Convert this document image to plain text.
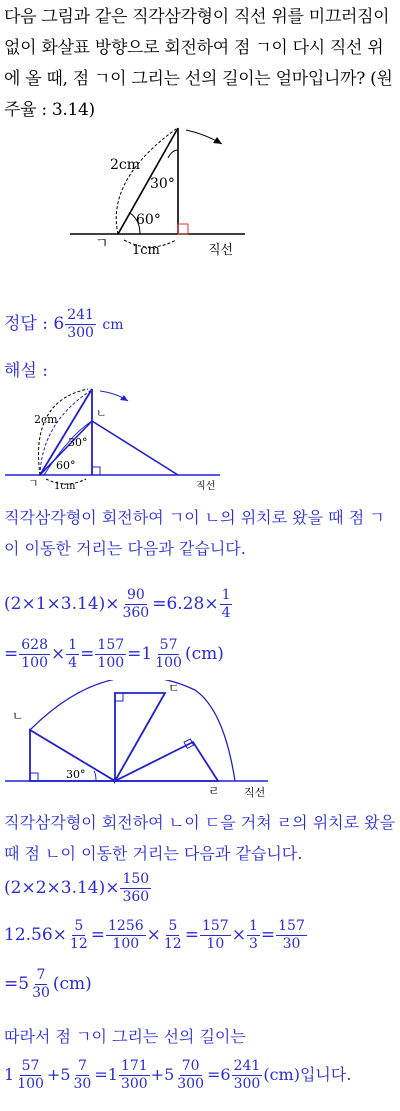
다음 그림과 같은 직각삼각형이 직선 위를 미끄러짐이 없이 화살표 방향으로 회전하여 점 ㄱ이 다시 직선 위에 올 때, 점 ㄱ이 그리는 선의 길이는 얼마입니까? (원주율 : 3.14)
2cm
30°
60°
ㄱ 1cm	직선
정답 : $6 \frac{241}{300}$ cm
해설 :
2cm
30°
60°
ㄴ
ㄱ 1cm	직선
직각삼각형이 회전하여 ㄱ이 ㄴ의 위치로 왔을 때 점 ㄱ이 이동한 거리는 다음과 같습니다.
$(2\times 1\times 3.14)\times \frac{90}{360} =6.28\times \frac{1}{4}$
= $\frac{628}{100} \times \frac{1}{4} = \frac{157}{100} =1 \frac{57}{100} (cm)$
ㄴ
ㄷ
ㄹ
30°
직선
직각삼각형이 회전하여 ㄴ이 ㄷ을 거쳐 ㄹ의 위치로 왔을 때 점 ㄴ이 이동한 거리는 다음과 같습니다.
$(2\times 2\times 3.14)\times \frac{150}{360}$
$12.56\times \frac{5}{12} = \frac{1256}{100} \times \frac{5}{12} = \frac{157}{10} \times \frac{1}{3} = \frac{157}{30}$
$=5 \frac{7}{30} (cm)$
따라서 점 ㄱ이 그리는 선의 길이는
$1 \frac{57}{100} +5 \frac{7}{30} =1 \frac{171}{300} +5 \frac{70}{300} =6 \frac{241}{300} (cm)$입니다.
